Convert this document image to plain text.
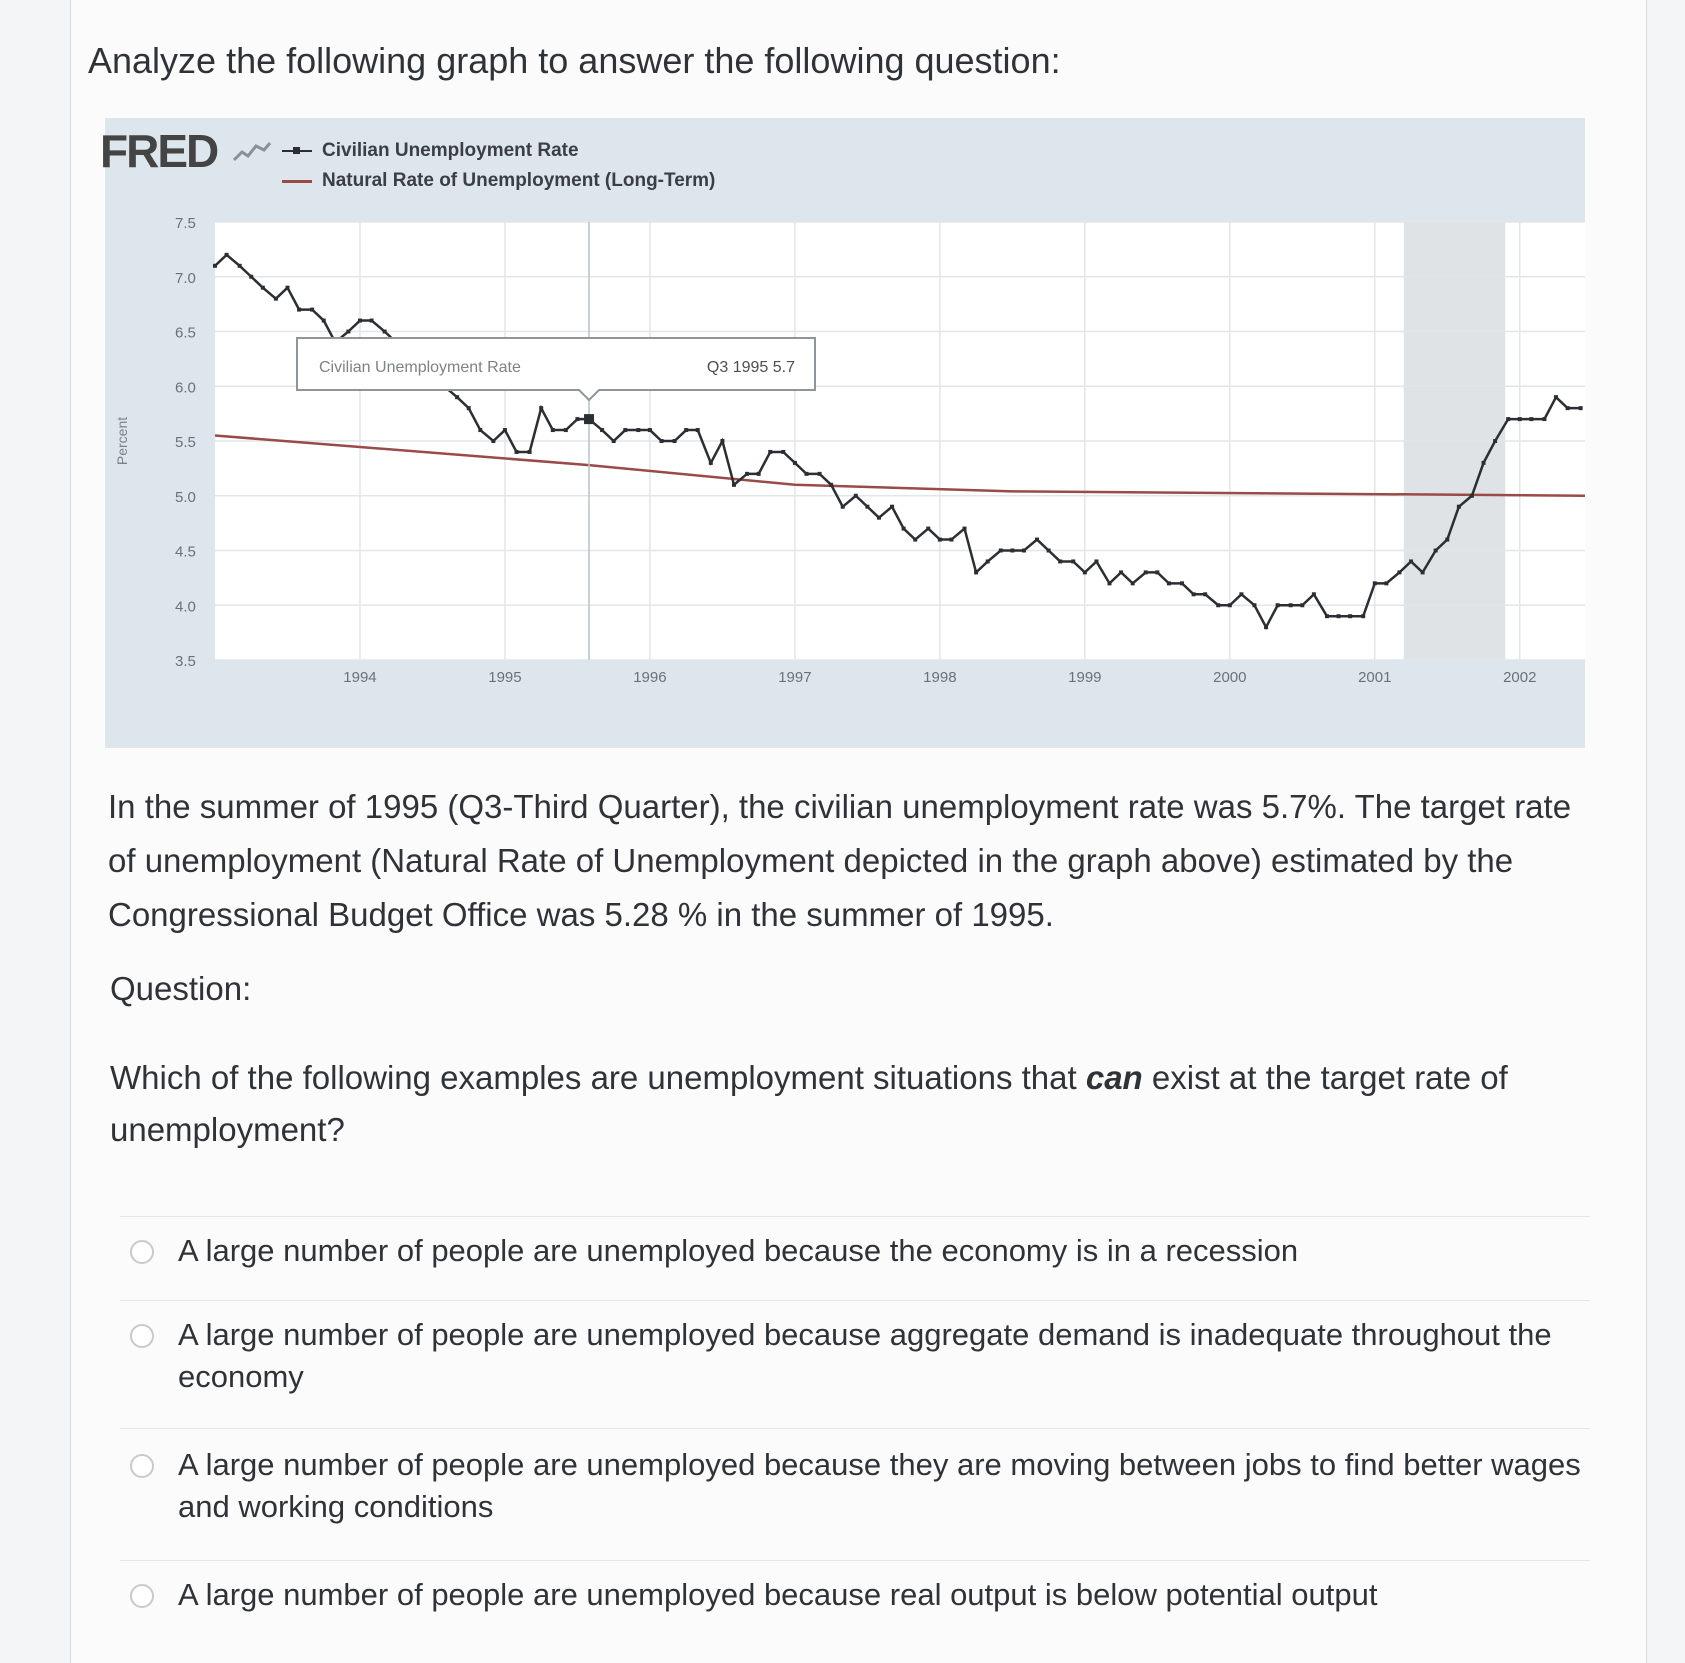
Analyze the following graph to answer the following question:
FRED	Civilian Unemployment Rate
Natural Rate of Unemployment (Long-Term)
7.5
7.0
6.5
6.0
5.5
5.0
4.5
4.0
3.5
1994	1995	1996	1997	1998	1999	2000	2001	2002
Percent
Civilian Unemployment Rate	Q3 1995 5.7
In the summer of 1995 (Q3-Third Quarter), the civilian unemployment rate was 5.7%. The target rate of unemployment (Natural Rate of Unemployment depicted in the graph above) estimated by the Congressional Budget Office was 5.28 % in the summer of 1995.
Question:
Which of the following examples are unemployment situations that can exist at the target rate of unemployment?
A large number of people are unemployed because the economy is in a recession
A large number of people are unemployed because aggregate demand is inadequate throughout the economy
A large number of people are unemployed because they are moving between jobs to find better wages and working conditions
A large number of people are unemployed because real output is below potential output
